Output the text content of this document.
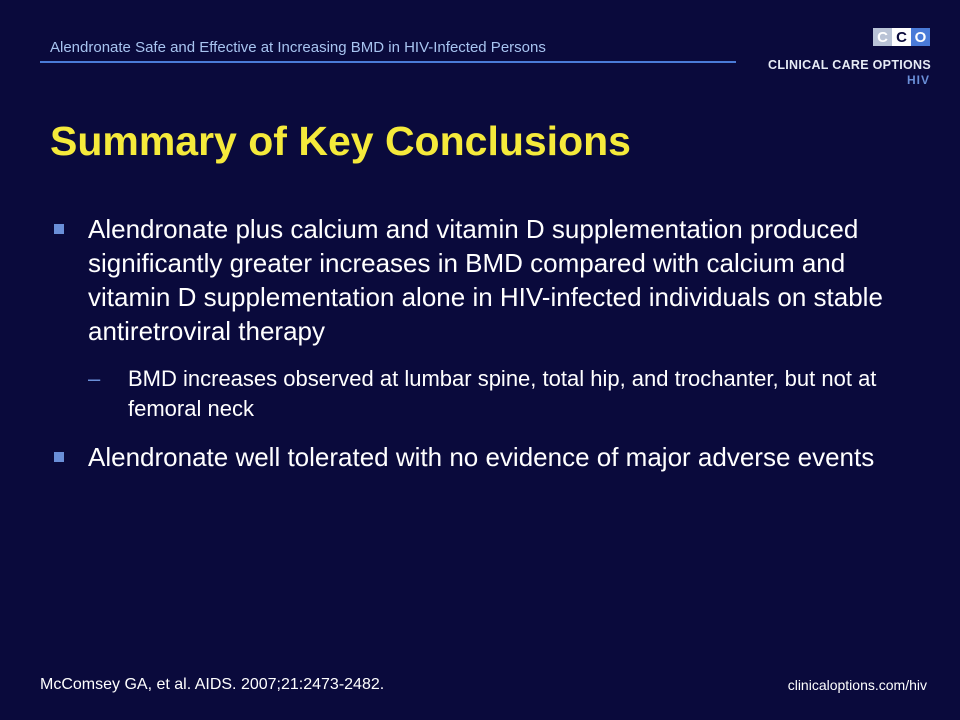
Alendronate Safe and Effective at Increasing BMD in HIV-Infected Persons
C C O
CLINICAL CARE OPTIONS
HIV
Summary of Key Conclusions
Alendronate plus calcium and vitamin D supplementation produced significantly greater increases in BMD compared with calcium and vitamin D supplementation alone in HIV-infected individuals on stable antiretroviral therapy
– BMD increases observed at lumbar spine, total hip, and trochanter, but not at femoral neck
Alendronate well tolerated with no evidence of major adverse events
McComsey GA, et al. AIDS. 2007;21:2473-2482.	clinicaloptions.com/hiv
